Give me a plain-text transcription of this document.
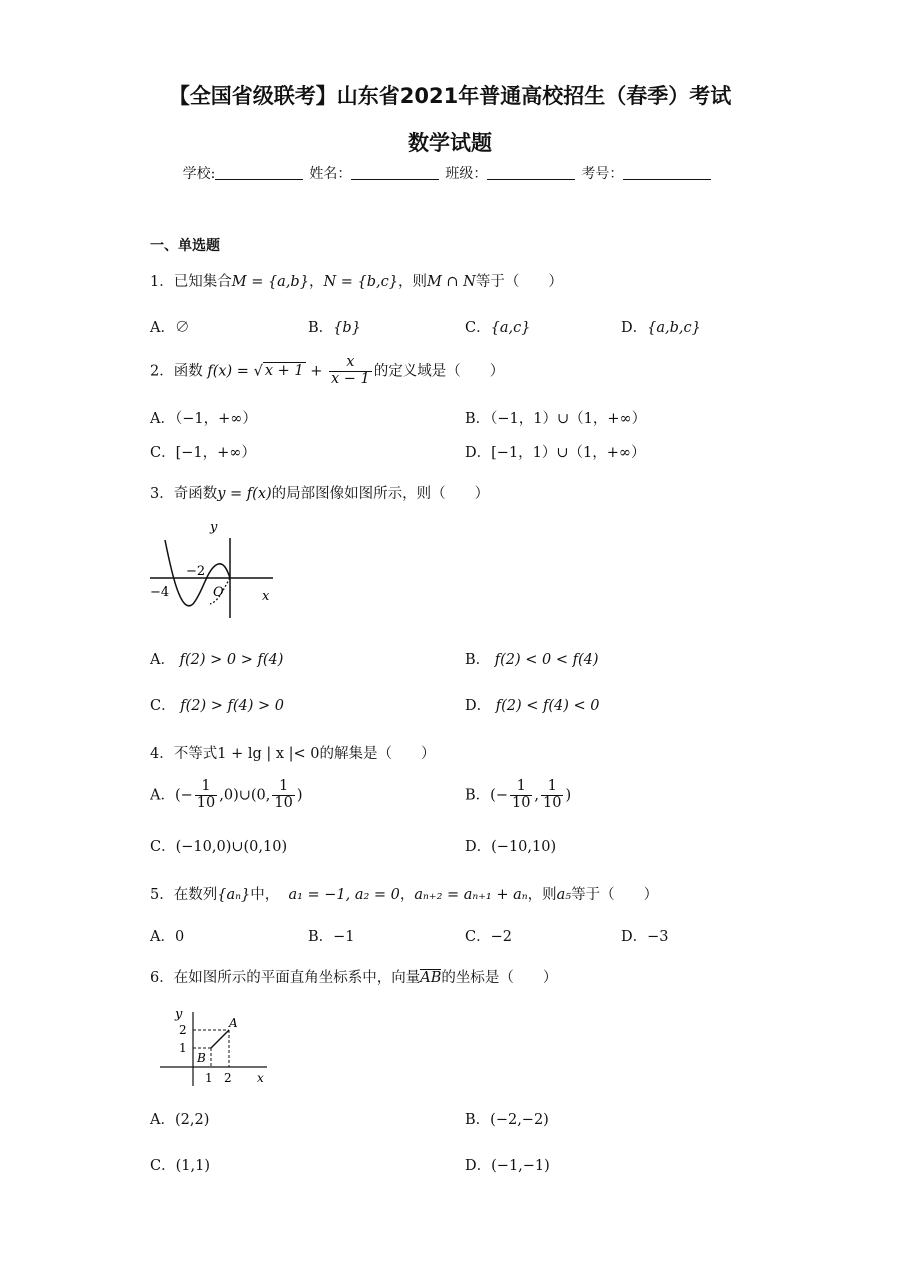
【全国省级联考】山东省2021年普通高校招生（春季）考试
数学试题
学校:	姓名：	班级：	考号：
一、单选题
1．已知集合M = {a,b}，N = {b,c}，则M ∩ N等于（　　）
A．∅	B．{b}	C．{a,c}	D．{a,b,c}
2．函数 f(x) = √ $x + 1 + \frac{x}{x - 1}$ 的定义域是（　　）
A．（−1，+∞）	B．（−1，1）∪（1，+∞）
C．[−1，+∞）	D．[−1，1）∪（1，+∞）
3．奇函数y = f(x)的局部图像如图所示，则（　　）
y
x
−4
−2
O
A． f(2) > 0 > f(4)	B． f(2) < 0 < f(4)
C． f(2) > f(4) > 0	D． f(2) < f(4) < 0
4．不等式1 + lg | x |< 0的解集是（　　）
A．(− $\frac{1}{10}$ ,0)∪(0, $\frac{1}{10}$ )	B．(− $\frac{1}{10}$ , $\frac{1}{10}$ )
C．(−10,0)∪(0,10)	D．(−10,10)
5．在数列{aₙ}中， a₁ = −1, a₂ = 0，aₙ₊₂ = aₙ₊₁ + aₙ，则a₅等于（　　）
A．0	B．−1	C．−2	D．−3
6．在如图所示的平面直角坐标系中，向量AB的坐标是（　　）
y
x
1 2
1
2	A
B
A．(2,2)	B．(−2,−2)
C．(1,1)	D．(−1,−1)
